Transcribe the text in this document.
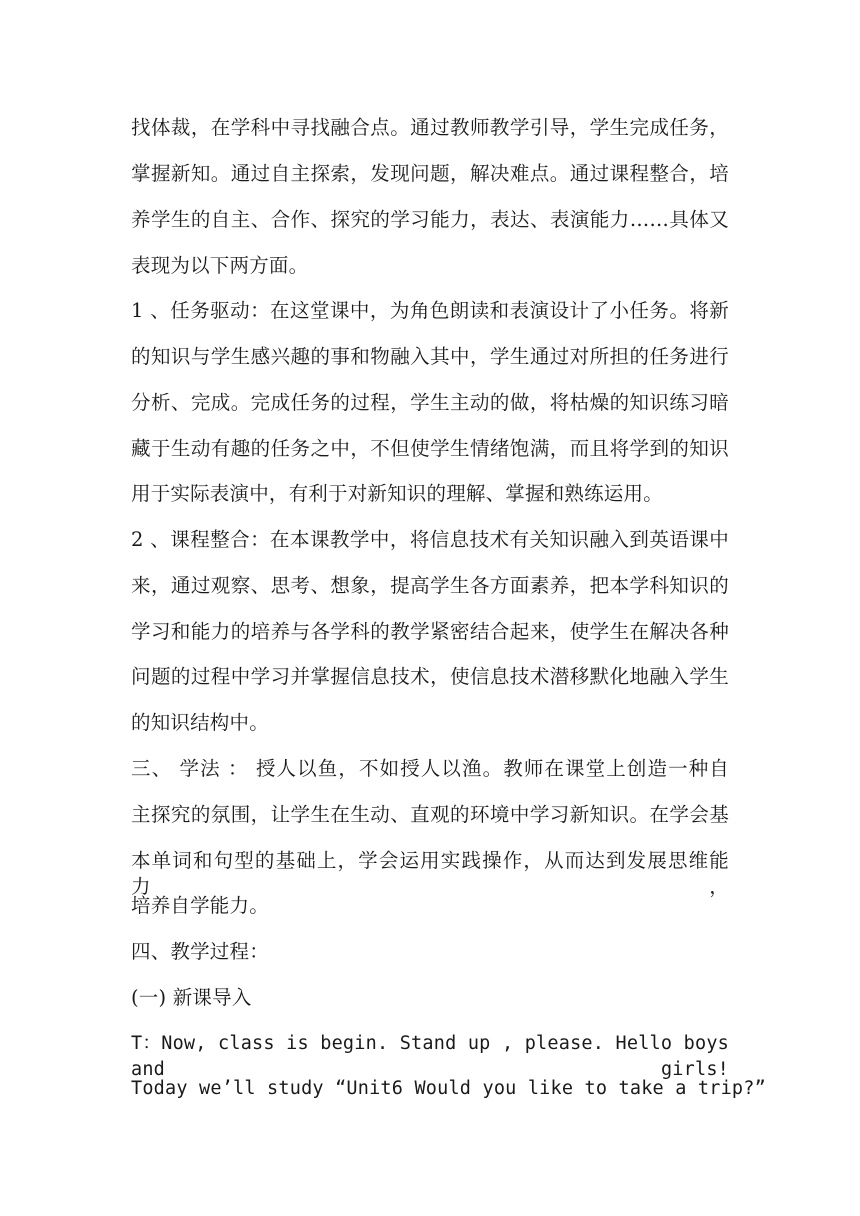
找体裁，在学科中寻找融合点。通过教师教学引导，学生完成任务，
掌握新知。通过自主探索，发现问题，解决难点。通过课程整合，培
养学生的自主、合作、探究的学习能力，表达、表演能力……具体又
表现为以下两方面。
1 、任务驱动：在这堂课中，为角色朗读和表演设计了小任务。将新
的知识与学生感兴趣的事和物融入其中，学生通过对所担的任务进行
分析、完成。完成任务的过程，学生主动的做，将枯燥的知识练习暗
藏于生动有趣的任务之中，不但使学生情绪饱满，而且将学到的知识
用于实际表演中，有利于对新知识的理解、掌握和熟练运用。
2 、课程整合：在本课教学中，将信息技术有关知识融入到英语课中
来，通过观察、思考、想象，提高学生各方面素养，把本学科知识的
学习和能力的培养与各学科的教学紧密结合起来，使学生在解决各种
问题的过程中学习并掌握信息技术，使信息技术潜移默化地融入学生
的知识结构中。
三、 学法 ： 授人以鱼，不如授人以渔。教师在课堂上创造一种自
主探究的氛围，让学生在生动、直观的环境中学习新知识。在学会基
本单词和句型的基础上，学会运用实践操作，从而达到发展思维能力，
培养自学能力。
四、教学过程：
(一) 新课导入
T：Now, class is begin. Stand up , please. Hello boys and girls!
Today we’ll study “Unit6 Would you like to take a trip?”
